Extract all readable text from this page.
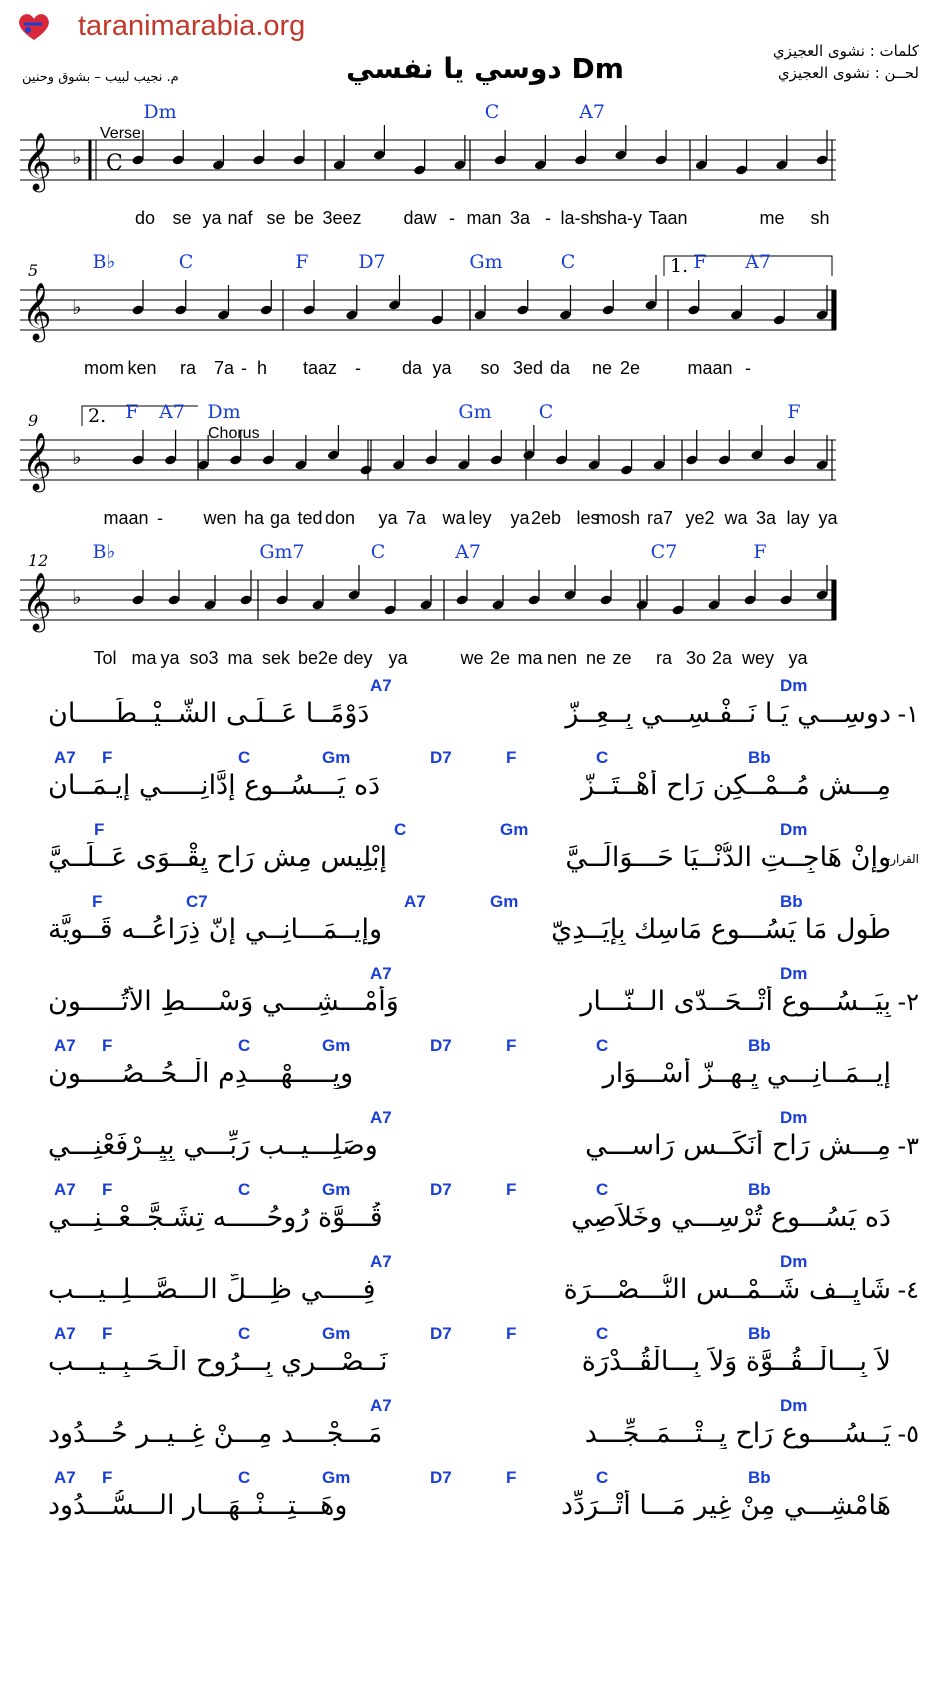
taranimarabia.org
م. نجيب لبيب – بشوق وحنين	Dm دوسي يا نفسي
كلمات : نشوى العجيزي
لحــن : نشوى العجيزي
𝄞 ♭ C
Verse
Dm	C	A7
do se ya naf se be 3eez daw - man 3a - la-sh
sha-y Taan	me sh
𝄞 ♭
1.
5	B♭	C	F	D7	Gm	C	F A7
mom ken ra 7a - h taaz - da ya so 3ed da ne 2e	maan -
𝄞 ♭
2.
9
Chorus
F A7 Dm	Gm C	F
maan - wen ha ga ted don ya 7a wa ley ya 2eb les
mosh ra7 ye2 wa 3a lay ya
𝄞 ♭
12 B♭	Gm7	C	A7	C7	F
Tol ma ya so3 ma sek be2e dey ya	we 2e ma nen ne ze ra 3o 2a wey ya
Dm
A7
١-
دوسِـــي يَـا نَــفْـسِـــي بِــعِــزّ
دَوْمًــا عَــلَـى الشَّــيْــطَـــــان
Bb
C
F
D7
Gm
C
F
A7
مِـــش مُــمْــكِن رَاح أَهْــتَــزّ
دَه يَـــسُــوع إِدَّانِـــــي إِيـمَــان
Dm
Gm
C
F
القرار-
وِإِنْ هَاجِــتِ الدُّنْــيَا حَـــوَالَــيَّ
إِبْلِيس مِش رَاح يِقْــوَى عَــلَــيَّ
Bb
Gm
A7
C7
F
طُول مَا يَسُـــوع مَاسِك بِإِيَــدِيّ
وِإِيــمَـــانِــي إِنّ ذِرَاعُــه قَــوِيَّة
Dm
A7
٢-
بِيَــسُـــوع أَتْــحَــدّى الــنّـــار
وَأَمْـــشِــــي وَسْــــطِ الأَتُـــــون
Bb
C
F
D7
Gm
C
F
A7
إِيــمَــانِـــي يِـهِــزّ أَسْـــوَار
وِيِـــــهْــــدِمِ الْــحُــصُـــــون
Dm
A7
٣-
مِـــش رَاح أَنَكِّــس رَاســـي
وِصَلِـــيــب رَبِّـــي بِيِــرْفَعْنِـــي
Bb
C
F
D7
Gm
C
F
A7
دَه يَسُـــوع تُرْسِـــي وِخَلاَصِي
قُـــوَّة رُوحُـــــه تِشَـجَّــعْــنِـــي
Dm
A7
٤-
شَايِــف شَــمْــسِ النُّـــصْـــرَة
فِـــــي ظِـــلِّ الـــصَّـــلِــيـــب
Bb
C
F
D7
Gm
C
F
A7
لاَ بِـــالْــقُــوَّة وَلاَ بِـــالْقُــدْرَة
نَــصْـــرِي بِـــرُوح الْـحَــبِــيـــب
Dm
A7
٥-
يَــسُــــوع رَاح يِــتْـــمَــجِّـــد
مَـــجْــــد مِـــنْ غِــيــر حُـــدُود
Bb
C
F
D7
Gm
C
F
A7
هَامْشِـــي مِنْ غِير مَـــا أَتْــرَدِّد
وِهَـــتِـــنْــهَـــار الـــسُّـــدُود
